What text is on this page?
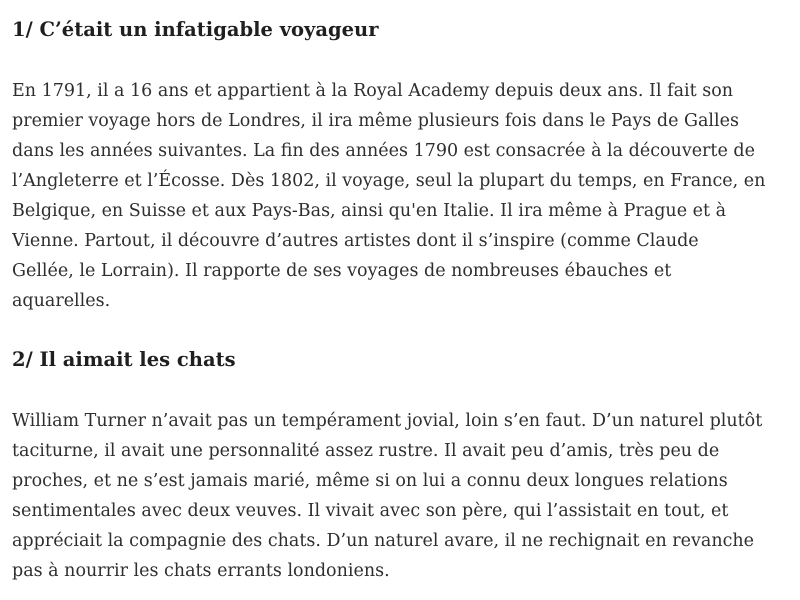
1/ C’était un infatigable voyageur

En 1791, il a 16 ans et appartient à la Royal Academy depuis deux ans. Il fait son
premier voyage hors de Londres, il ira même plusieurs fois dans le Pays de Galles
dans les années suivantes. La fin des années 1790 est consacrée à la découverte de
l’Angleterre et l’Écosse. Dès 1802, il voyage, seul la plupart du temps, en France, en
Belgique, en Suisse et aux Pays-Bas, ainsi qu'en Italie. Il ira même à Prague et à
Vienne. Partout, il découvre d’autres artistes dont il s’inspire (comme Claude
Gellée, le Lorrain). Il rapporte de ses voyages de nombreuses ébauches et
aquarelles.

2/ Il aimait les chats

William Turner n’avait pas un tempérament jovial, loin s’en faut. D’un naturel plutôt
taciturne, il avait une personnalité assez rustre. Il avait peu d’amis, très peu de
proches, et ne s’est jamais marié, même si on lui a connu deux longues relations
sentimentales avec deux veuves. Il vivait avec son père, qui l’assistait en tout, et
appréciait la compagnie des chats. D’un naturel avare, il ne rechignait en revanche
pas à nourrir les chats errants londoniens.
